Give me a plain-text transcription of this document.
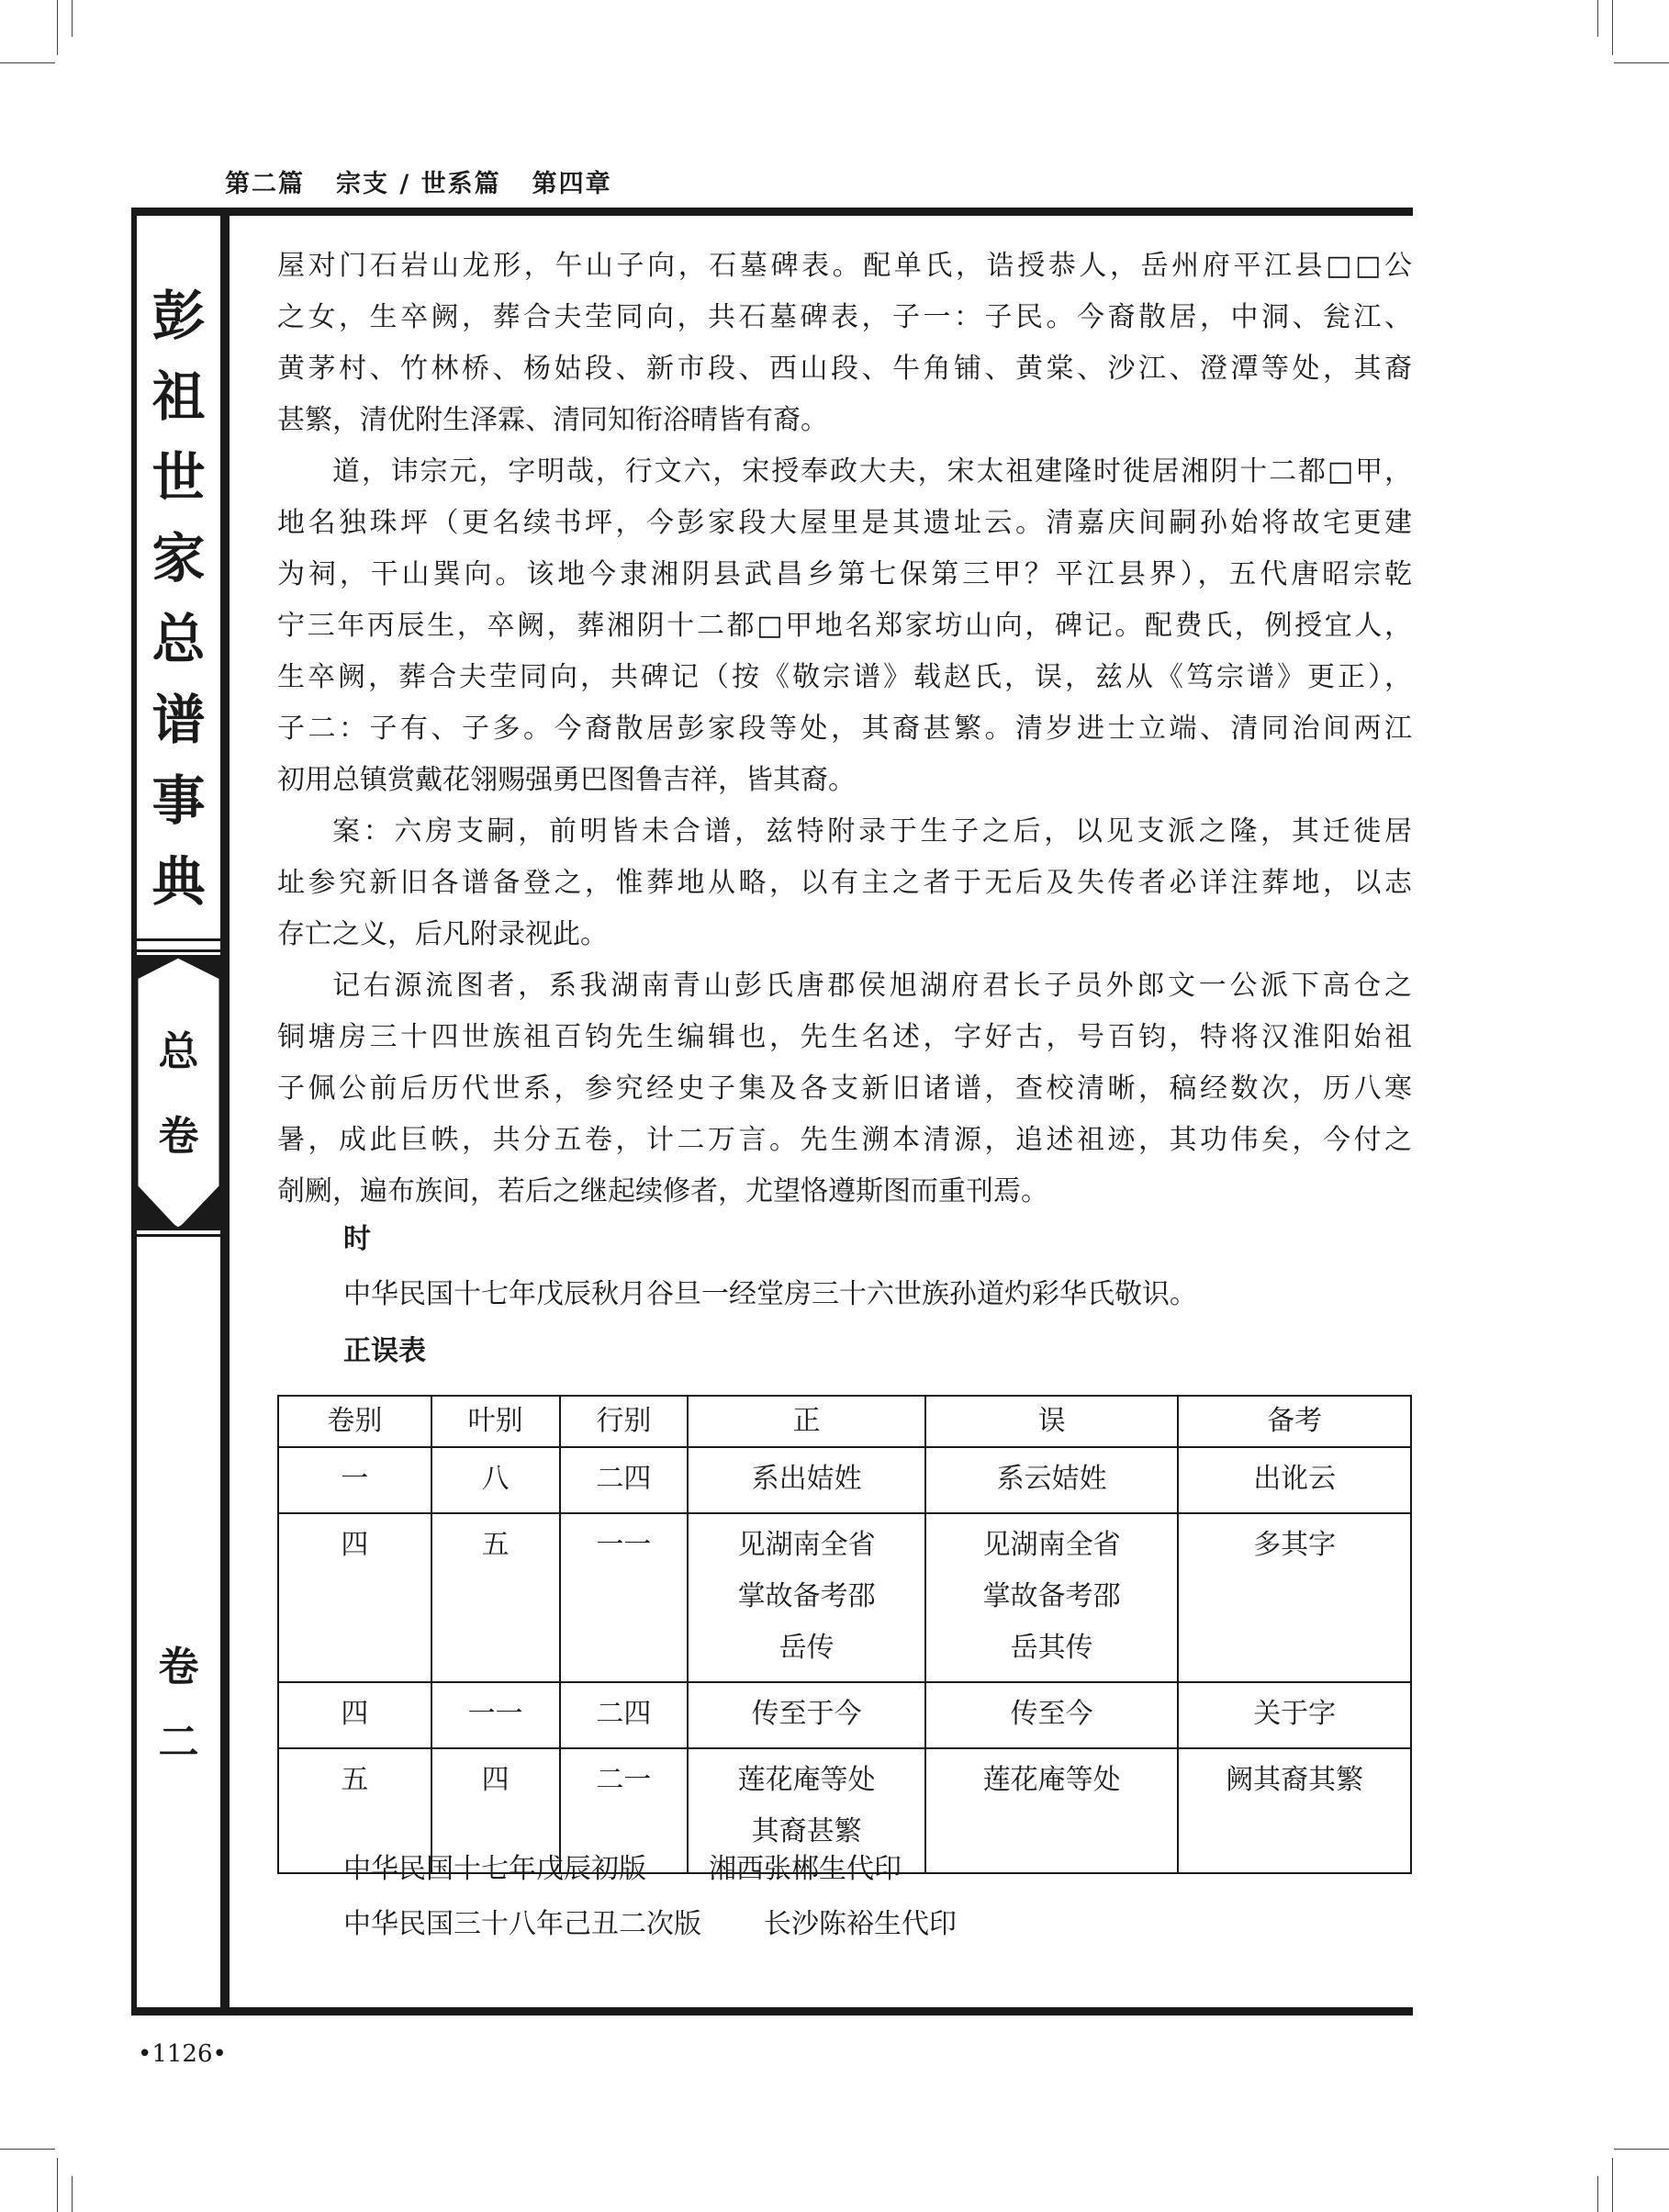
第二篇 宗支 / 世系篇 第四章
彭
祖
世
家
总
谱
事
典
总
卷
卷
二

屋对门石岩山龙形，午山子向，石墓碑表。配单氏，诰授恭人，岳州府平江县□□公
之女，生卒阙，葬合夫茔同向，共石墓碑表，子一：子民。今裔散居，中洞、瓮江、
黄茅村、竹林桥、杨姑段、新市段、西山段、牛角铺、黄棠、沙江、澄潭等处，其裔
甚繁，清优附生泽霖、清同知衔浴晴皆有裔。

道，讳宗元，字明哉，行文六，宋授奉政大夫，宋太祖建隆时徙居湘阴十二都□甲，
地名独珠坪（更名续书坪，今彭家段大屋里是其遗址云。清嘉庆间嗣孙始将故宅更建
为祠，干山巽向。该地今隶湘阴县武昌乡第七保第三甲？平江县界），五代唐昭宗乾
宁三年丙辰生，卒阙，葬湘阴十二都□甲地名郑家坊山向，碑记。配费氏，例授宜人，
生卒阙，葬合夫茔同向，共碑记（按《敬宗谱》载赵氏，误，兹从《笃宗谱》更正），
子二：子有、子多。今裔散居彭家段等处，其裔甚繁。清岁进士立端、清同治间两江
初用总镇赏戴花翎赐强勇巴图鲁吉祥，皆其裔。

案：六房支嗣，前明皆未合谱，兹特附录于生子之后，以见支派之隆，其迁徙居
址参究新旧各谱备登之，惟葬地从略，以有主之者于无后及失传者必详注葬地，以志
存亡之义，后凡附录视此。

记右源流图者，系我湖南青山彭氏唐郡侯旭湖府君长子员外郎文一公派下高仓之
铜塘房三十四世族祖百钧先生编辑也，先生名述，字好古，号百钧，特将汉淮阳始祖
子佩公前后历代世系，参究经史子集及各支新旧诸谱，查校清晰，稿经数次，历八寒
暑，成此巨帙，共分五卷，计二万言。先生溯本清源，追述祖迹，其功伟矣，今付之
剞劂，遍布族间，若后之继起续修者，尤望恪遵斯图而重刊焉。

时
中华民国十七年戊辰秋月谷旦一经堂房三十六世族孙道灼彩华氏敬识。
正误表
卷别	叶别	行别	正	误	备考

一	八	二四	系出姞姓	系云姞姓	出讹云

四	五	一一	见湖南全省
掌故备考邵
岳传	见湖南全省
掌故备考邵
岳其传	多其字

四	一一	二四	传至于今	传至今	关于字

五	四	二一	莲花庵等处
其裔甚繁	莲花庵等处	阙其裔其繁
中华民国十七年戊辰初版 湘西张郴生代印
中华民国三十八年己丑二次版 长沙陈裕生代印
•1126•
